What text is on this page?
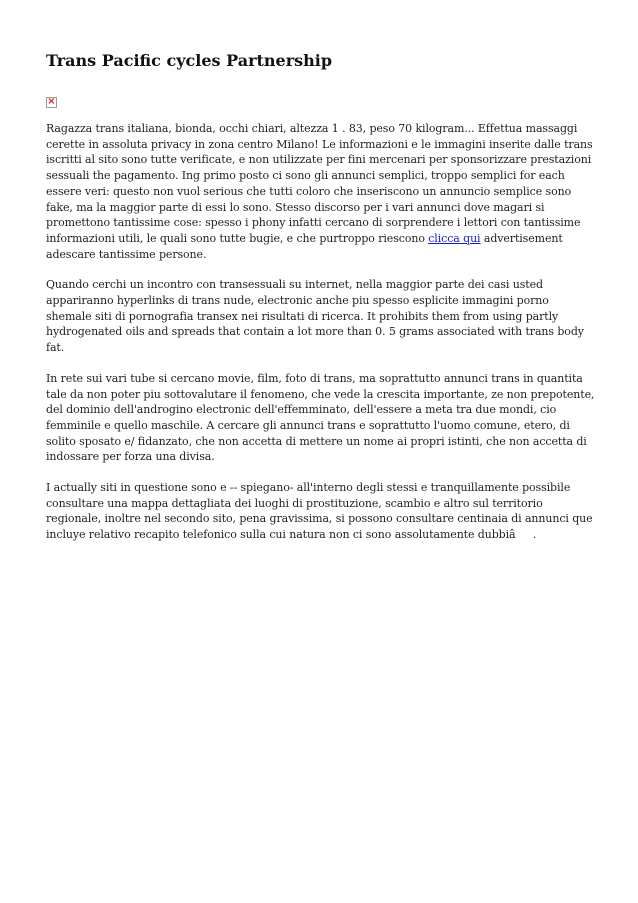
Trans Pacific cycles Partnership
×

Ragazza trans italiana, bionda, occhi chiari, altezza 1 . 83, peso 70 kilogram... Effettua massaggi cerette in assoluta privacy in zona centro Milano! Le informazioni e le immagini inserite dalle trans iscritti al sito sono tutte verificate, e non utilizzate per fini mercenari per sponsorizzare prestazioni sessuali the pagamento. Ing primo posto ci sono gli annunci semplici, troppo semplici for each essere veri: questo non vuol serious che tutti coloro che inseriscono un annuncio semplice sono fake, ma la maggior parte di essi lo sono. Stesso discorso per i vari annunci dove magari si promettono tantissime cose: spesso i phony infatti cercano di sorprendere i lettori con tantissime informazioni utili, le quali sono tutte bugie, e che purtroppo riescono clicca qui advertisement adescare tantissime persone.

Quando cerchi un incontro con transessuali su internet, nella maggior parte dei casi usted appariranno hyperlinks di trans nude, electronic anche piu spesso esplicite immagini porno shemale siti di pornografia transex nei risultati di ricerca. It prohibits them from using partly hydrogenated oils and spreads that contain a lot more than 0. 5 grams associated with trans body fat.

In rete sui vari tube si cercano movie, film, foto di trans, ma soprattutto annunci trans in quantita tale da non poter piu sottovalutare il fenomeno, che vede la crescita importante, ze non prepotente, del dominio dell'androgino electronic dell'effemminato, dell'essere a meta tra due mondi, cio femminile e quello maschile. A cercare gli annunci trans e soprattutto l'uomo comune, etero, di solito sposato e/ fidanzato, che non accetta di mettere un nome ai propri istinti, che non accetta di indossare per forza una divisa.

I actually siti in questione sono e -- spiegano- all'interno degli stessi e tranquillamente possibile consultare una mappa dettagliata dei luoghi di prostituzione, scambio e altro sul territorio regionale, inoltre nel secondo sito, pena gravissima, si possono consultare centinaia di annunci que incluye relativo recapito telefonico sulla cui natura non ci sono assolutamente dubbiâ.
